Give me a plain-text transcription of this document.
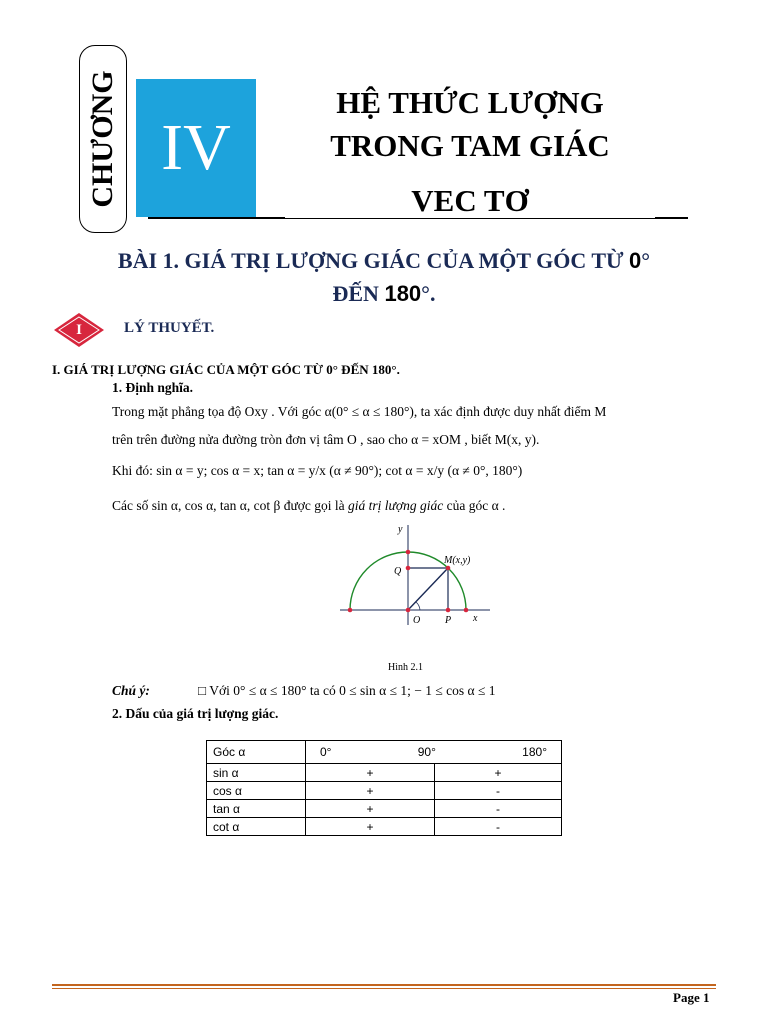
CHƯƠNG IV
HỆ THỨC LƯỢNG
TRONG TAM GIÁC
VEC TƠ
BÀI 1. GIÁ TRỊ LƯỢNG GIÁC CỦA MỘT GÓC TỪ 0°
ĐẾN 180°.
I	LÝ THUYẾT.
I. GIÁ TRỊ LƯỢNG GIÁC CỦA MỘT GÓC TỪ 0° ĐẾN 180°.
1. Định nghĩa.
Trong mặt phẳng tọa độ Oxy . Với góc α(0° ≤ α ≤ 180°), ta xác định được duy nhất điểm M
trên trên đường nửa đường tròn đơn vị tâm O , sao cho α = xOM , biết M(x, y).
Khi đó: sin α = y; cos α = x; tan α = y/x (α ≠ 90°); cot α = x/y (α ≠ 0°, 180°)
Các số sin α, cos α, tan α, cot β được gọi là giá trị lượng giác của góc α .
y
x
O P
Q
M(x,y)
Hình 2.1
Chú ý:	□ Với 0° ≤ α ≤ 180° ta có 0 ≤ sin α ≤ 1; − 1 ≤ cos α ≤ 1
2. Dấu của giá trị lượng giác.
Góc α	0° 90° 180°	

sin α	+	+
cos α	+	-
tan α	+	-
cot α	+	-
Page 1
